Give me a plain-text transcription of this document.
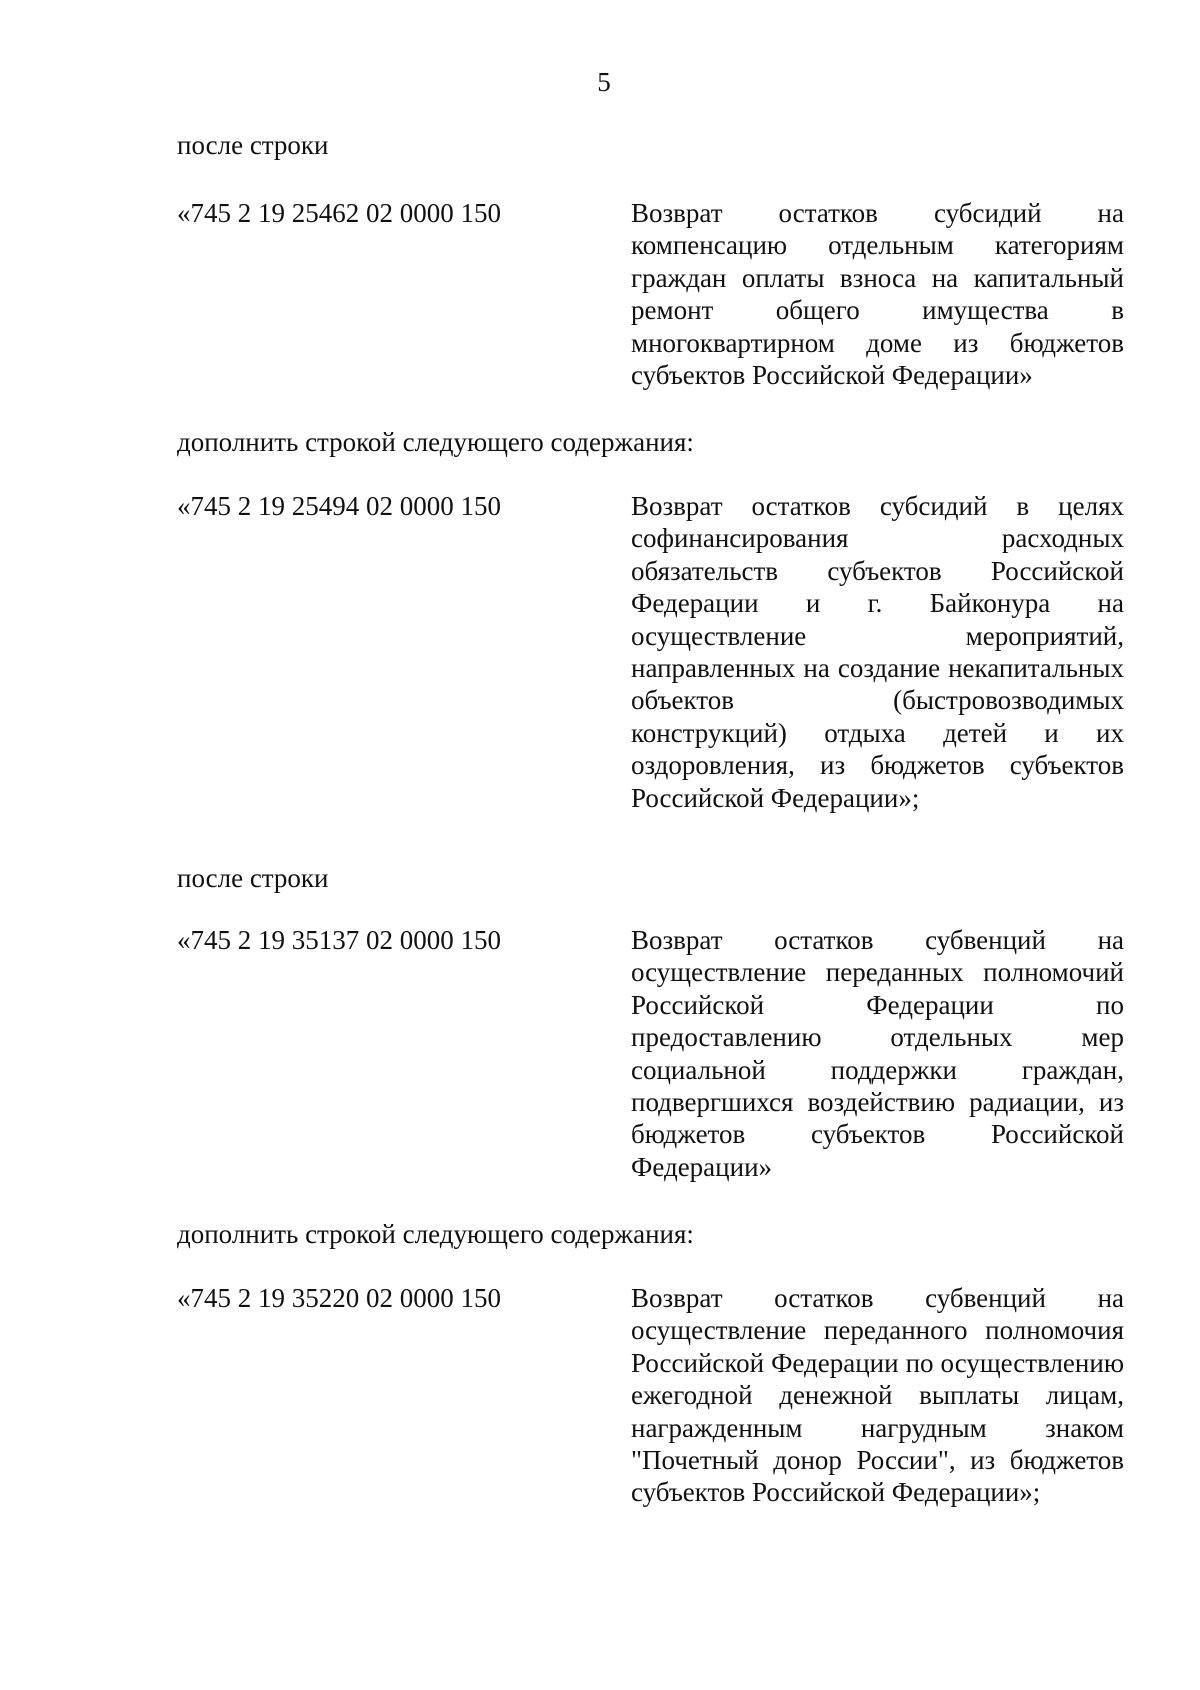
5
после строки
«745 2 19 25462 02 0000 150	Возврат остатков субсидий на компенсацию отдельным категориям граждан оплаты взноса на капитальный ремонт общего имущества в многоквартирном доме из бюджетов субъектов Российской Федерации»
дополнить строкой следующего содержания:
«745 2 19 25494 02 0000 150	Возврат остатков субсидий в целях софинансирования расходных обязательств субъектов Российской Федерации и г. Байконура на осуществление мероприятий, направленных на создание некапитальных объектов (быстровозводимых конструкций) отдыха детей и их оздоровления, из бюджетов субъектов Российской Федерации»;
после строки
«745 2 19 35137 02 0000 150	Возврат остатков субвенций на осуществление переданных полномочий Российской Федерации по предоставлению отдельных мер социальной поддержки граждан, подвергшихся воздействию радиации, из бюджетов субъектов Российской Федерации»
дополнить строкой следующего содержания:
«745 2 19 35220 02 0000 150	Возврат остатков субвенций на осуществление переданного полномочия Российской Федерации по осуществлению ежегодной денежной выплаты лицам, награжденным нагрудным знаком "Почетный донор России", из бюджетов субъектов Российской Федерации»;
